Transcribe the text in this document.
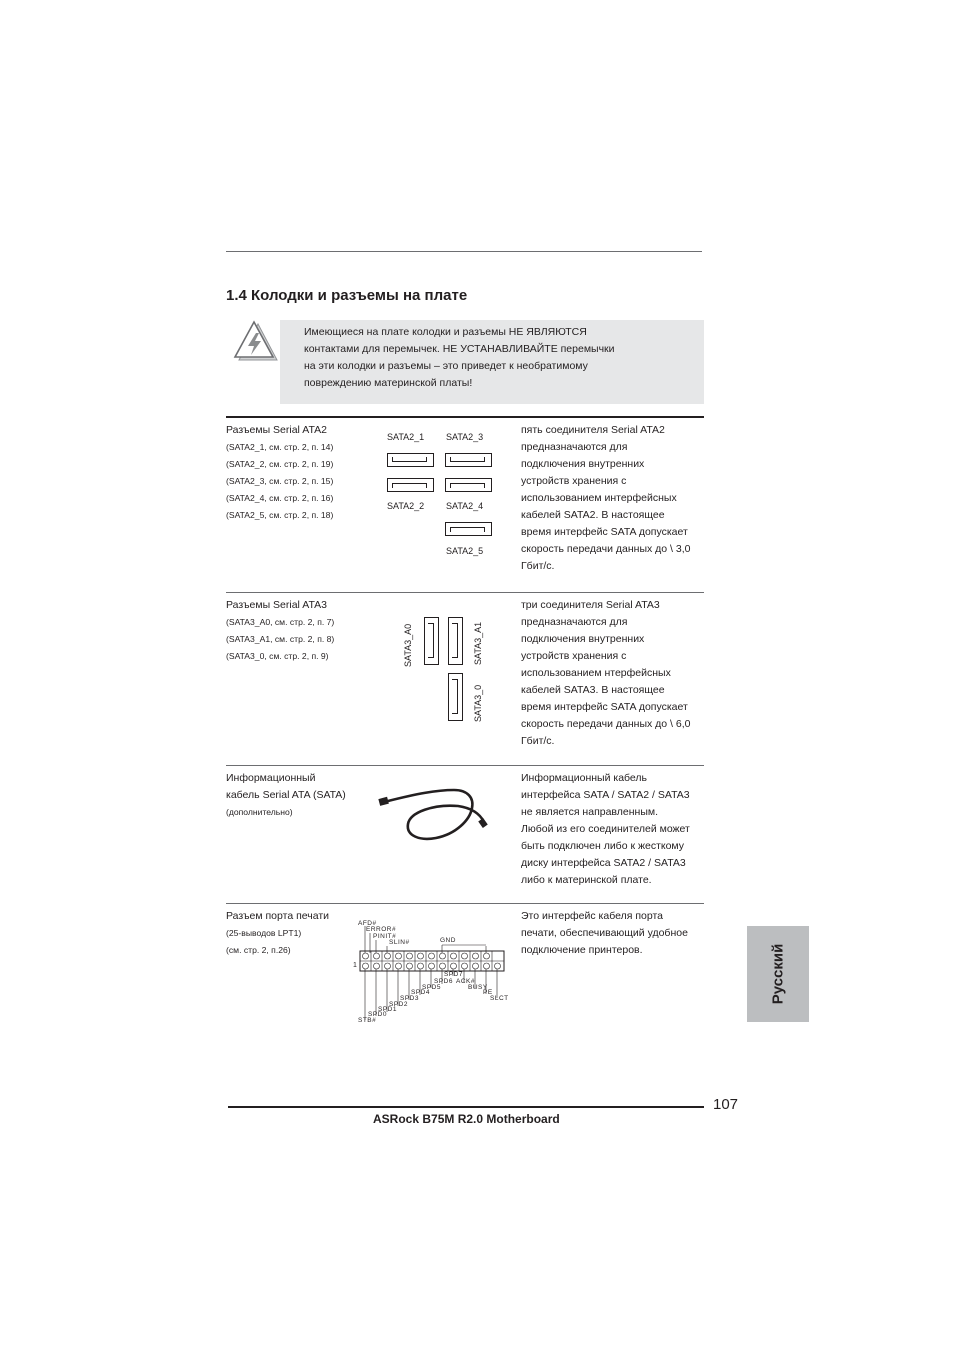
1.4 Колодки и разъемы на плате
Имеющиеся на плате колодки и разъемы НЕ ЯВЛЯЮТСЯ
контактами для перемычек. НЕ УСТАНАВЛИВАЙТЕ перемычки
на эти колодки и разъемы – это приведет к необратимому
повреждению материнской платы!
Разъемы Serial ATA2
(SATA2_1, см. стр. 2, п. 14)
(SATA2_2, см. стр. 2, п. 19)
(SATA2_3, см. стр. 2, п. 15)
(SATA2_4, см. стр. 2, п. 16)
(SATA2_5, см. стр. 2, п. 18)
SATA2_1 SATA2_3
SATA2_2 SATA2_4
SATA2_5
пять соединителя Serial ATA2
предназначаются для
подключения внутренних
устройств хранения с
использованием интерфейсных
кабелей SATA2. В настоящее
время интерфейс SATA допускает
скорость передачи данных до \ 3,0
Гбит/с.
Разъемы Serial ATA3
(SATA3_A0, см. стр. 2, п. 7)
(SATA3_A1, см. стр. 2, п. 8)
(SATA3_0, см. стр. 2, п. 9)	SATA3_A0	SATA3_A1
SATA3_0
три соединителя Serial ATA3
предназначаются для
подключения внутренних
устройств хранения с
использованием нтерфейсных
кабелей SATA3. В настоящее
время интерфейс SATA допускает
скорость передачи данных до \ 6,0
Гбит/с.
Информационный
кабель Serial ATA (SATA)
(дополнительно)
Информационный кабель
интерфейса SATA / SATA2 / SATA3
не является направленным.
Любой из его соединителей может
быть подключен либо к жесткому
диску интерфейса SATA2 / SATA3
либо к материнской плате.
Разъем порта печати
(25-выводов LPT1)
(см. стр. 2, п.26)
AFD#
ERROR#
PINIT#
SLIN#	GND
1
SPD7
SPD6 ACK#
SPD5	BUSY
SPD4	PE
SPD3	SLCT
SPD2
SPD1
SPD0
STB#
Это интерфейс кабеля порта
печати, обеспечивающий удобное
подключение принтеров.	Русский
ASRock B75M R2.0 Motherboard
107
